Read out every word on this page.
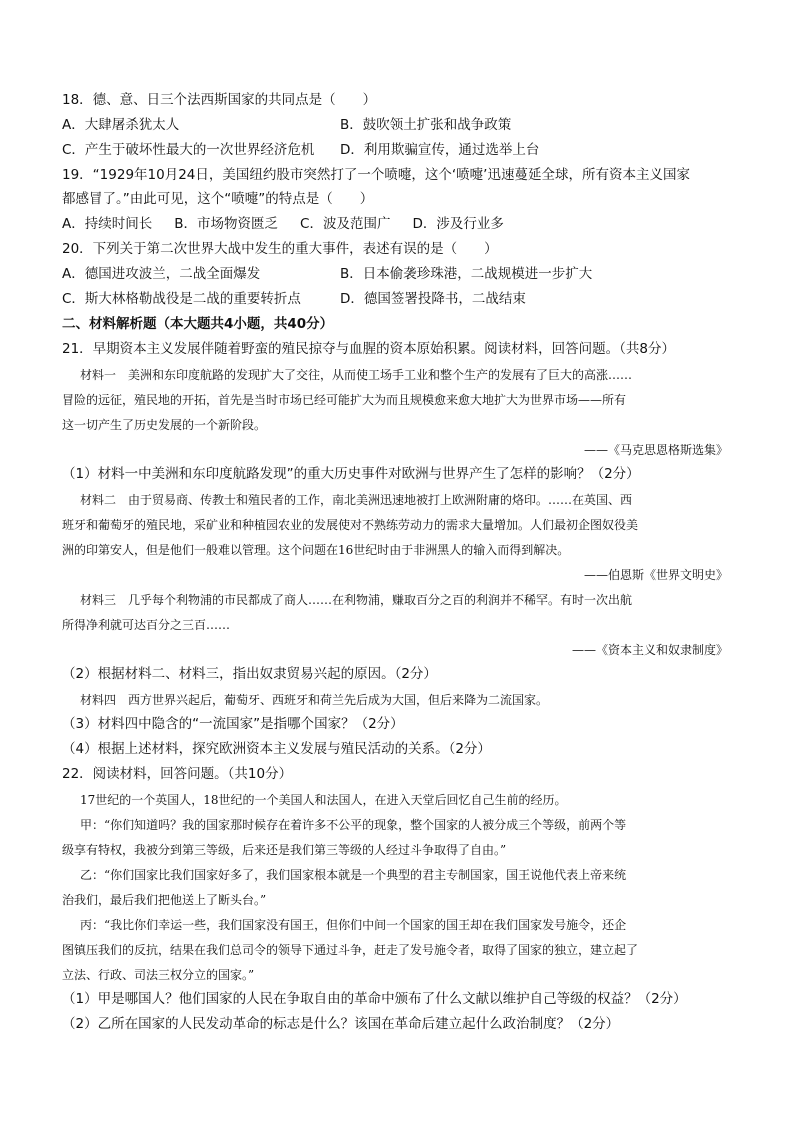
18．德、意、日三个法西斯国家的共同点是（　　）
A．大肆屠杀犹太人	B．鼓吹领土扩张和战争政策
C．产生于破坏性最大的一次世界经济危机 D．利用欺骗宣传，通过选举上台
19．“1929年10月24日，美国纽约股市突然打了一个喷嚏，这个‘喷嚏’迅速蔓延全球，所有资本主义国家
都感冒了。”由此可见，这个“喷嚏”的特点是（　　）
A．持续时间长 B．市场物资匮乏 C．波及范围广 D．涉及行业多
20．下列关于第二次世界大战中发生的重大事件，表述有误的是（　　）
A．德国进攻波兰，二战全面爆发	B．日本偷袭珍珠港，二战规模进一步扩大
C．斯大林格勒战役是二战的重要转折点	D．德国签署投降书，二战结束
二、材料解析题（本大题共4小题，共40分）
21．早期资本主义发展伴随着野蛮的殖民掠夺与血腥的资本原始积累。阅读材料，回答问题。（共8分）
材料一　美洲和东印度航路的发现扩大了交往，从而使工场手工业和整个生产的发展有了巨大的高涨……
冒险的远征，殖民地的开拓，首先是当时市场已经可能扩大为而且规模愈来愈大地扩大为世界市场——所有
这一切产生了历史发展的一个新阶段。
——《马克思恩格斯选集》
（1）材料一中美洲和东印度航路发现”的重大历史事件对欧洲与世界产生了怎样的影响？（2分）
材料二　由于贸易商、传教士和殖民者的工作，南北美洲迅速地被打上欧洲附庸的烙印。……在英国、西
班牙和葡萄牙的殖民地，采矿业和种植园农业的发展使对不熟练劳动力的需求大量增加。人们最初企图奴役美
洲的印第安人，但是他们一般难以管理。这个问题在16世纪时由于非洲黑人的输入而得到解决。
——伯恩斯《世界文明史》
材料三　几乎每个利物浦的市民都成了商人……在利物浦，赚取百分之百的利润并不稀罕。有时一次出航
所得净利就可达百分之三百……
——《资本主义和奴隶制度》
（2）根据材料二、材料三，指出奴隶贸易兴起的原因。（2分）
材料四　西方世界兴起后，葡萄牙、西班牙和荷兰先后成为大国，但后来降为二流国家。
（3）材料四中隐含的“一流国家”是指哪个国家？（2分）
（4）根据上述材料，探究欧洲资本主义发展与殖民活动的关系。（2分）
22．阅读材料，回答问题。（共10分）
17世纪的一个英国人，18世纪的一个美国人和法国人，在进入天堂后回忆自己生前的经历。
甲：“你们知道吗？我的国家那时候存在着许多不公平的现象，整个国家的人被分成三个等级，前两个等
级享有特权，我被分到第三等级，后来还是我们第三等级的人经过斗争取得了自由。”
乙：“你们国家比我们国家好多了，我们国家根本就是一个典型的君主专制国家，国王说他代表上帝来统
治我们，最后我们把他送上了断头台。”
丙：“我比你们幸运一些，我们国家没有国王，但你们中间一个国家的国王却在我们国家发号施令，还企
图镇压我们的反抗，结果在我们总司令的领导下通过斗争，赶走了发号施令者，取得了国家的独立，建立起了
立法、行政、司法三权分立的国家。”
（1）甲是哪国人？他们国家的人民在争取自由的革命中颁布了什么文献以维护自己等级的权益？（2分）
（2）乙所在国家的人民发动革命的标志是什么？该国在革命后建立起什么政治制度？（2分）
